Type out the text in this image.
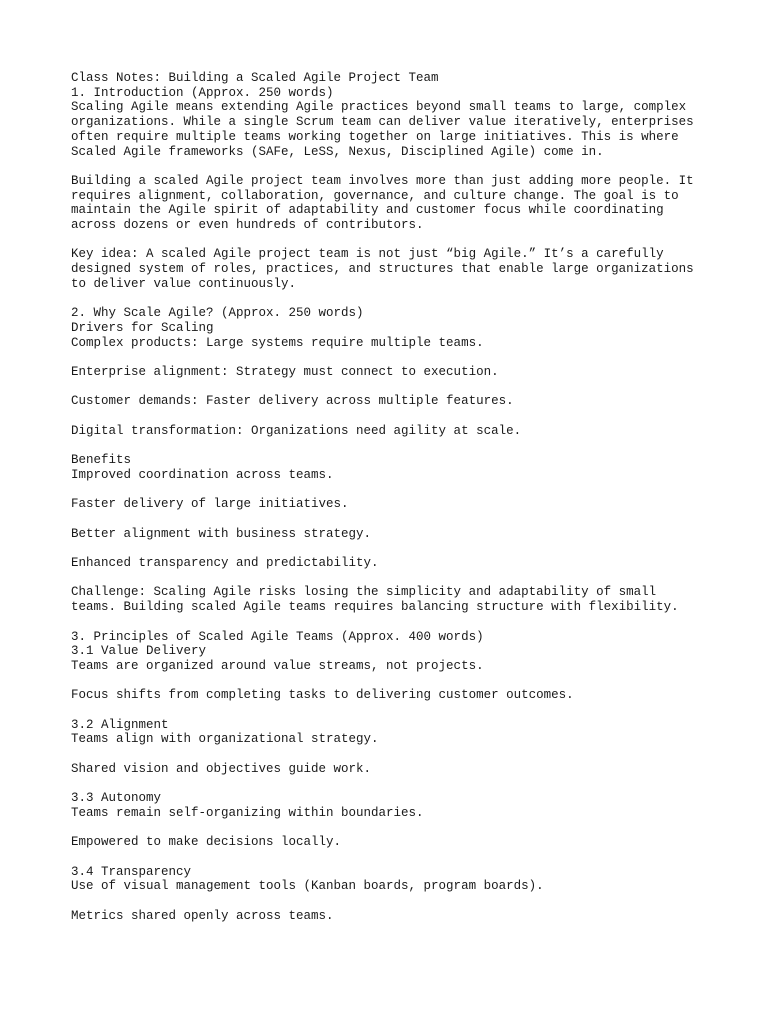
Class Notes: Building a Scaled Agile Project Team
1. Introduction (Approx. 250 words)
Scaling Agile means extending Agile practices beyond small teams to large, complex
organizations. While a single Scrum team can deliver value iteratively, enterprises
often require multiple teams working together on large initiatives. This is where
Scaled Agile frameworks (SAFe, LeSS, Nexus, Disciplined Agile) come in.
Building a scaled Agile project team involves more than just adding more people. It
requires alignment, collaboration, governance, and culture change. The goal is to
maintain the Agile spirit of adaptability and customer focus while coordinating
across dozens or even hundreds of contributors.
Key idea: A scaled Agile project team is not just “big Agile.” It’s a carefully
designed system of roles, practices, and structures that enable large organizations
to deliver value continuously.
2. Why Scale Agile? (Approx. 250 words)
Drivers for Scaling
Complex products: Large systems require multiple teams.
Enterprise alignment: Strategy must connect to execution.
Customer demands: Faster delivery across multiple features.
Digital transformation: Organizations need agility at scale.
Benefits
Improved coordination across teams.
Faster delivery of large initiatives.
Better alignment with business strategy.
Enhanced transparency and predictability.
Challenge: Scaling Agile risks losing the simplicity and adaptability of small
teams. Building scaled Agile teams requires balancing structure with flexibility.
3. Principles of Scaled Agile Teams (Approx. 400 words)
3.1 Value Delivery
Teams are organized around value streams, not projects.
Focus shifts from completing tasks to delivering customer outcomes.
3.2 Alignment
Teams align with organizational strategy.
Shared vision and objectives guide work.
3.3 Autonomy
Teams remain self-organizing within boundaries.
Empowered to make decisions locally.
3.4 Transparency
Use of visual management tools (Kanban boards, program boards).
Metrics shared openly across teams.
